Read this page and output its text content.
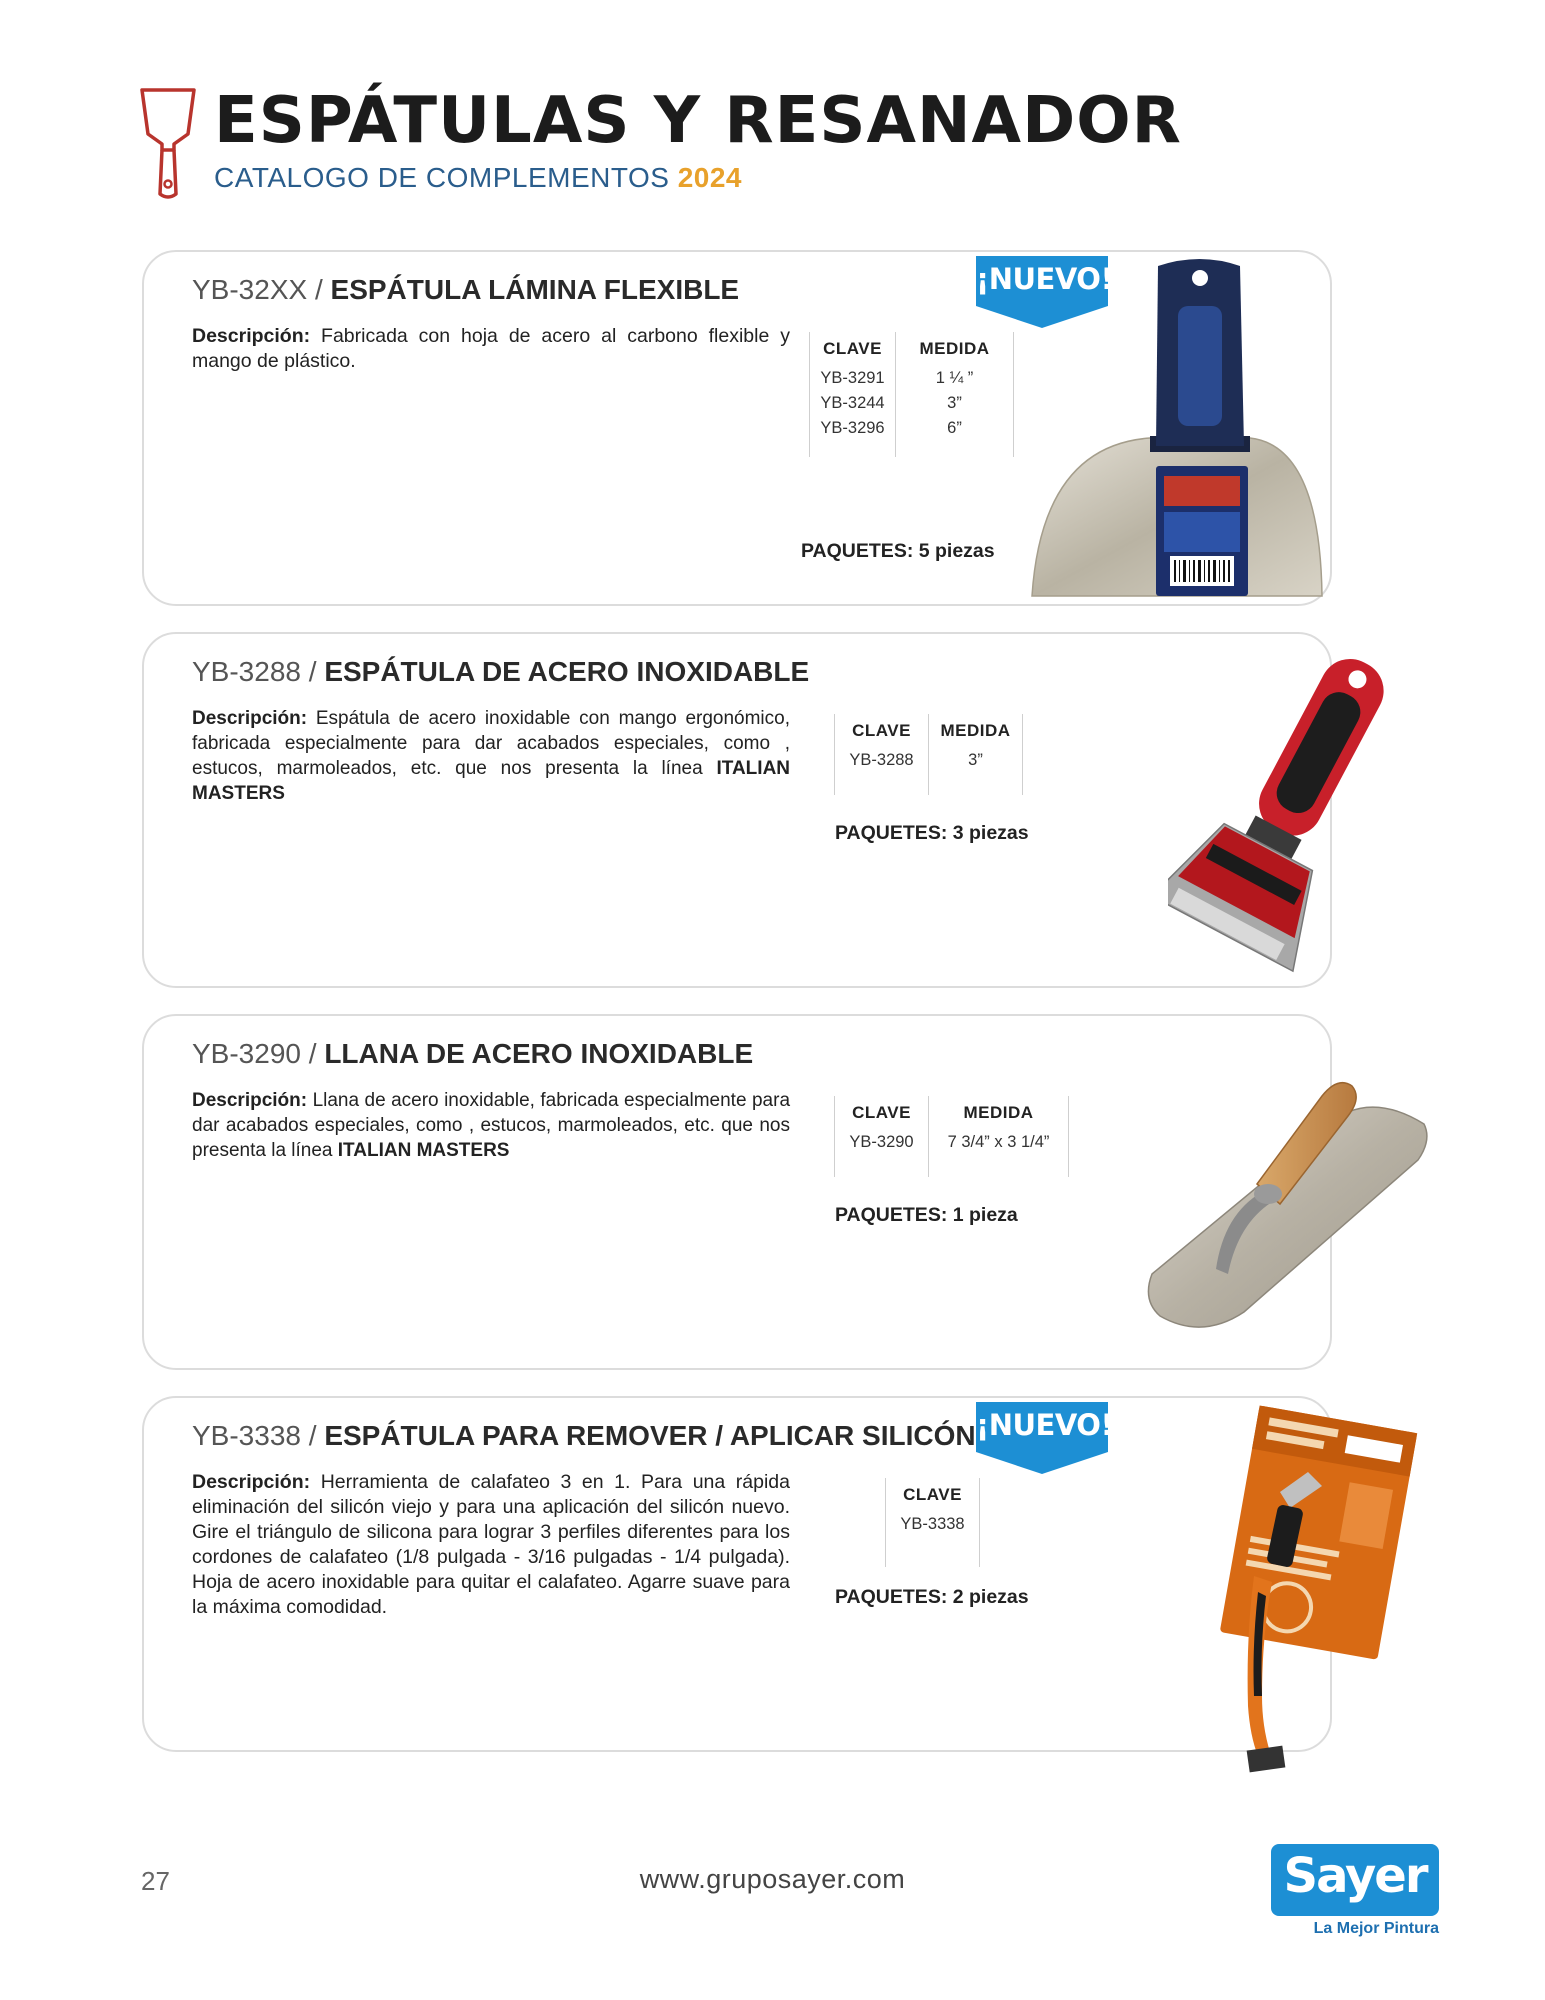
ESPÁTULAS Y RESANADOR
CATALOGO DE COMPLEMENTOS 2024
YB-32XX / ESPÁTULA LÁMINA FLEXIBLE
Descripción: Fabricada con hoja de acero al carbono flexible y mango de plástico.
CLAVE
YB-3291
YB-3244
YB-3296
MEDIDA
1 ¼ ”
3”
6”
PAQUETES: 5 piezas
YB-3288 / ESPÁTULA DE ACERO INOXIDABLE
Descripción: Espátula de acero inoxidable con mango ergonómico, fabricada especialmente para dar acabados especiales, como , estucos, marmoleados, etc. que nos presenta la línea ITALIAN MASTERS
CLAVE
YB-3288
MEDIDA
3”
PAQUETES: 3 piezas
YB-3290 / LLANA DE ACERO INOXIDABLE
Descripción: Llana de acero inoxidable, fabricada especialmente para dar acabados especiales, como , estucos, marmoleados, etc. que nos presenta la línea ITALIAN MASTERS
CLAVE
YB-3290
MEDIDA
7 3/4” x 3 1/4”
PAQUETES: 1 pieza
YB-3338 / ESPÁTULA PARA REMOVER / APLICAR SILICÓN
Descripción: Herramienta de calafateo 3 en 1. Para una rápida eliminación del silicón viejo y para una aplicación del silicón nuevo. Gire el triángulo de silicona para lograr 3 perfiles diferentes para los cordones de calafateo (1/8 pulgada - 3/16 pulgadas - 1/4 pulgada). Hoja de acero inoxidable para quitar el calafateo. Agarre suave para la máxima comodidad.
CLAVE
YB-3338
PAQUETES: 2 piezas
¡NUEVO!
¡NUEVO!
27	www.gruposayer.com	Sayer
La Mejor Pintura
